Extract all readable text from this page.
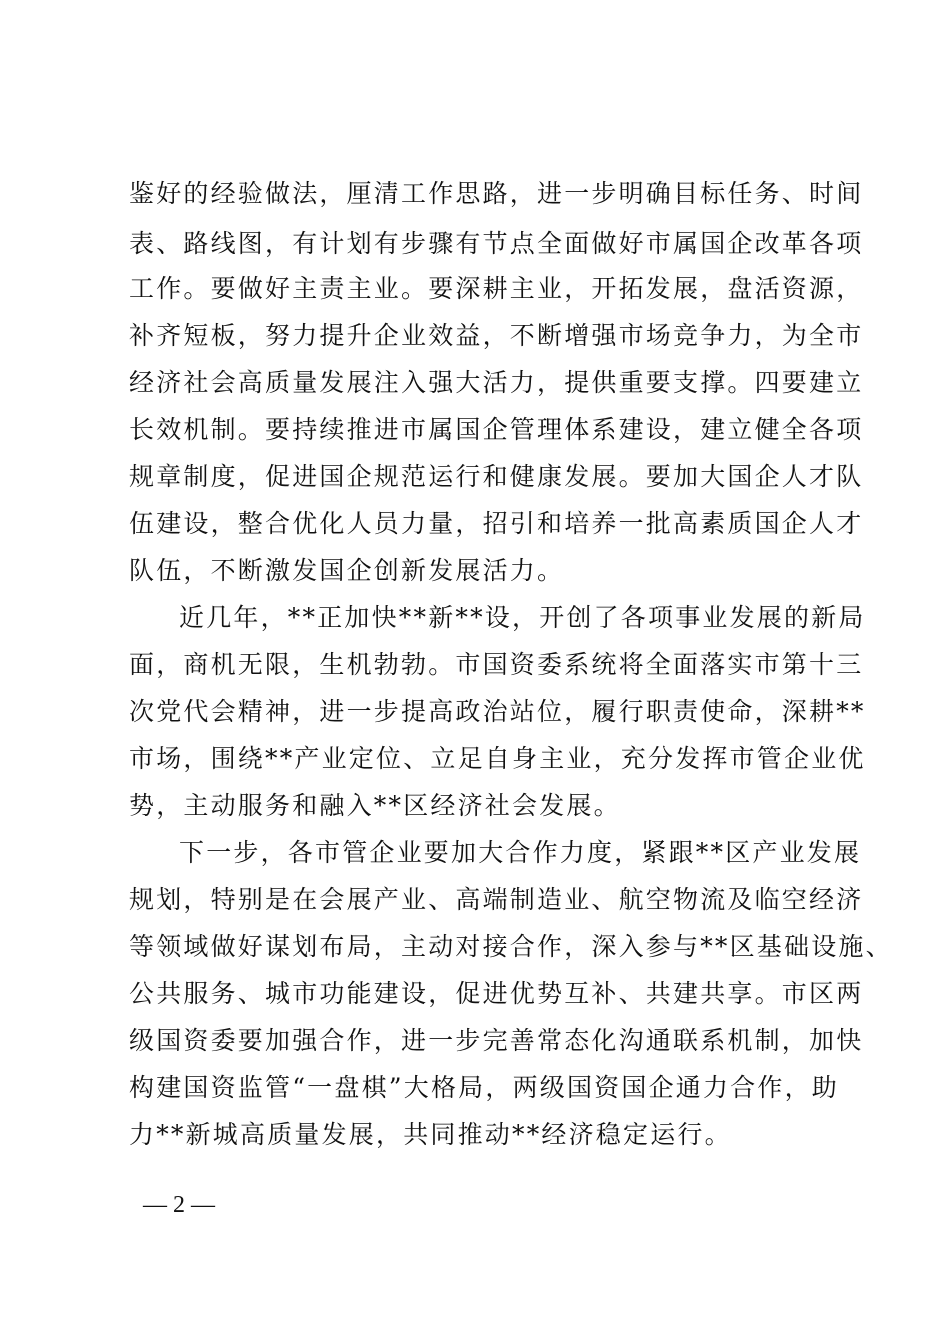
鉴好的经验做法，厘清工作思路，进一步明确目标任务、时间
表、路线图，有计划有步骤有节点全面做好市属国企改革各项
工作。要做好主责主业。要深耕主业，开拓发展，盘活资源，
补齐短板，努力提升企业效益，不断增强市场竞争力，为全市
经济社会高质量发展注入强大活力，提供重要支撑。四要建立
长效机制。要持续推进市属国企管理体系建设，建立健全各项
规章制度，促进国企规范运行和健康发展。要加大国企人才队
伍建设，整合优化人员力量，招引和培养一批高素质国企人才
队伍，不断激发国企创新发展活力。
近几年，**正加快**新**设，开创了各项事业发展的新局
面，商机无限，生机勃勃。市国资委系统将全面落实市第十三
次党代会精神，进一步提高政治站位，履行职责使命，深耕**
市场，围绕**产业定位、立足自身主业，充分发挥市管企业优
势，主动服务和融入**区经济社会发展。
下一步，各市管企业要加大合作力度，紧跟**区产业发展
规划，特别是在会展产业、高端制造业、航空物流及临空经济
等领域做好谋划布局，主动对接合作，深入参与**区基础设施、
公共服务、城市功能建设，促进优势互补、共建共享。市区两
级国资委要加强合作，进一步完善常态化沟通联系机制，加快
构建国资监管“一盘棋”大格局，两级国资国企通力合作，助
力**新城高质量发展，共同推动**经济稳定运行。
— 2 —
